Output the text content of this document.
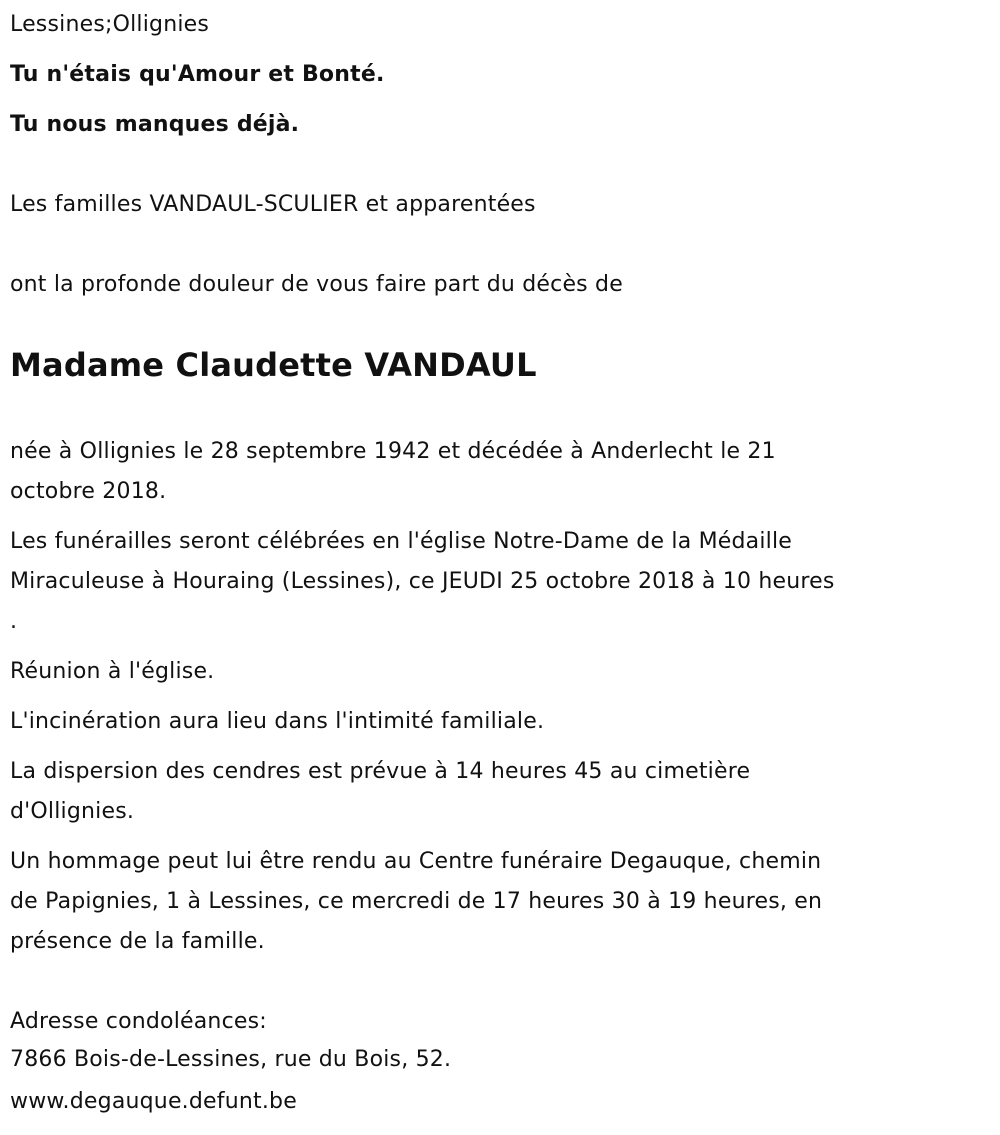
Lessines;Ollignies
Tu n'étais qu'Amour et Bonté.
Tu nous manques déjà.
Les familles VANDAUL-SCULIER et apparentées
ont la profonde douleur de vous faire part du décès de
Madame Claudette VANDAUL
née à Ollignies le 28 septembre 1942 et décédée à Anderlecht le 21
octobre 2018.
Les funérailles seront célébrées en l'église Notre-Dame de la Médaille
Miraculeuse à Houraing (Lessines), ce JEUDI 25 octobre 2018 à 10 heures
.
Réunion à l'église.
L'incinération aura lieu dans l'intimité familiale.
La dispersion des cendres est prévue à 14 heures 45 au cimetière
d'Ollignies.
Un hommage peut lui être rendu au Centre funéraire Degauque, chemin
de Papignies, 1 à Lessines, ce mercredi de 17 heures 30 à 19 heures, en
présence de la famille.
Adresse condoléances:
7866 Bois-de-Lessines, rue du Bois, 52.
www.degauque.defunt.be
